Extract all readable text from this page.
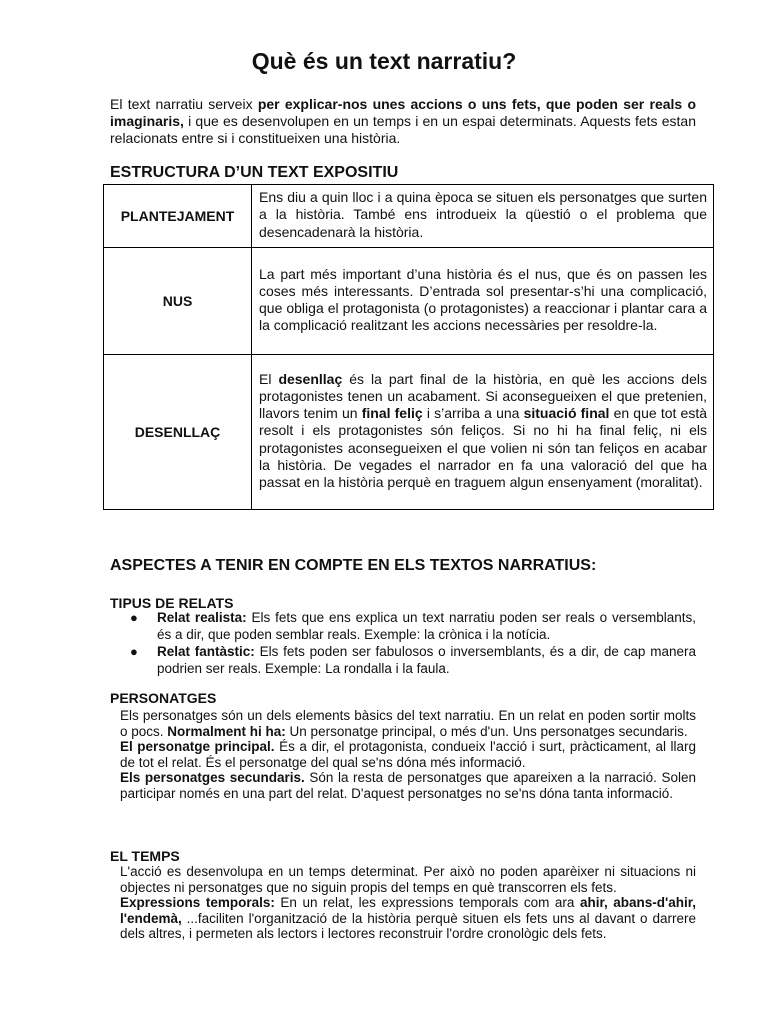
Què és un text narratiu?

El text narratiu serveix per explicar-nos unes accions o uns fets, que poden ser reals o imaginaris, i que es desenvolupen en un temps i en un espai determinats. Aquests fets estan relacionats entre si i constitueixen una història.

ESTRUCTURA D’UN TEXT EXPOSITIU
PLANTEJAMENT	Ens diu a quin lloc i a quina època se situen els personatges que surten a la història. També ens introdueix la qüestió o el problema que desencadenarà la història.
NUS	La part més important d’una història és el nus, que és on passen les coses més interessants. D’entrada sol presentar-s’hi una complicació, que obliga el protagonista (o protagonistes) a reaccionar i plantar cara a la complicació realitzant les accions necessàries per resoldre-la.
DESENLLAÇ	El desenllaç és la part final de la història, en què les accions dels protagonistes tenen un acabament. Si aconsegueixen el que pretenien, llavors tenim un final feliç i s’arriba a una situació final en que tot està resolt i els protagonistes són feliços. Si no hi ha final feliç, ni els protagonistes aconsegueixen el que volien ni són tan feliços en acabar la història. De vegades el narrador en fa una valoració del que ha passat en la història perquè en traguem algun ensenyament (moralitat).
ASPECTES A TENIR EN COMPTE EN ELS TEXTOS NARRATIUS:
TIPUS DE RELATS
● Relat realista: Els fets que ens explica un text narratiu poden ser reals o versemblants, és a dir, que poden semblar reals. Exemple: la crònica i la notícia.
● Relat fantàstic: Els fets poden ser fabulosos o inversemblants, és a dir, de cap manera podrien ser reals. Exemple: La rondalla i la faula.
PERSONATGES
Els personatges són un dels elements bàsics del text narratiu. En un relat en poden sortir molts o pocs. Normalment hi ha: Un personatge principal, o més d'un. Uns personatges secundaris.
El personatge principal. És a dir, el protagonista, condueix l'acció i surt, pràcticament, al llarg de tot el relat. És el personatge del qual se'ns dóna més informació.
Els personatges secundaris. Són la resta de personatges que apareixen a la narració. Solen participar només en una part del relat. D'aquest personatges no se'ns dóna tanta informació.
EL TEMPS
L'acció es desenvolupa en un temps determinat. Per això no poden aparèixer ni situacions ni objectes ni personatges que no siguin propis del temps en què transcorren els fets.
Expressions temporals: En un relat, les expressions temporals com ara ahir, abans-d'ahir, l'endemà, ...faciliten l'organització de la història perquè situen els fets uns al davant o darrere dels altres, i permeten als lectors i lectores reconstruir l'ordre cronològic dels fets.
